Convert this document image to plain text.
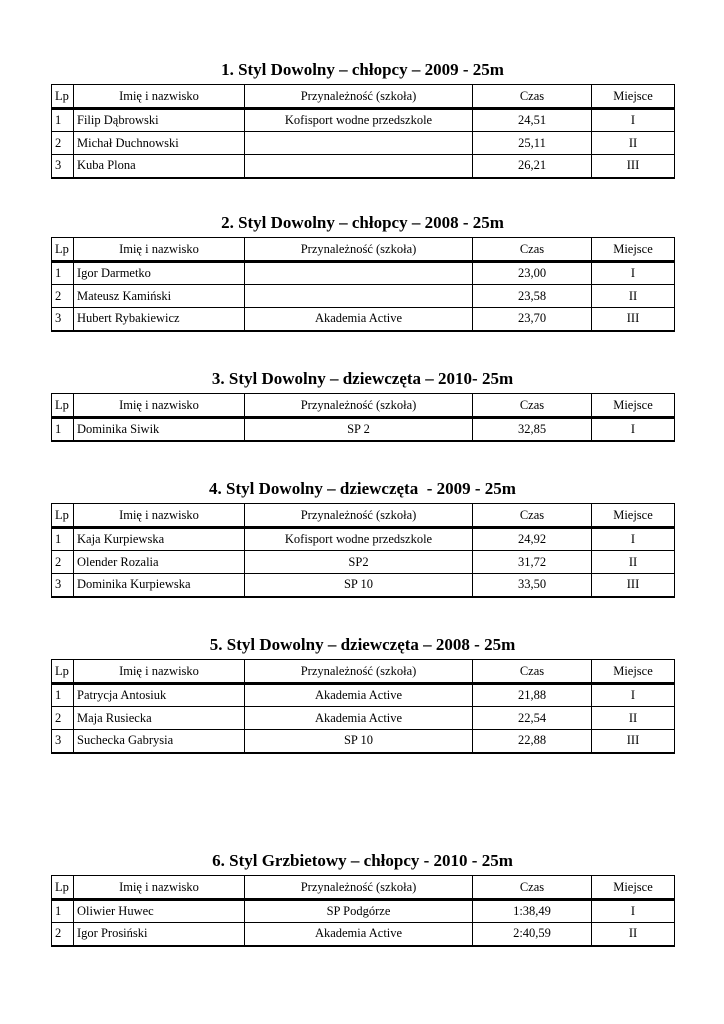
1. Styl Dowolny – chłopcy – 2009 - 25m
Lp	Imię i nazwisko	Przynależność (szkoła)	Czas	Miejsce
1	Filip Dąbrowski	Kofisport wodne przedszkole	24,51	I
2	Michał Duchnowski		25,11	II
3	Kuba Plona		26,21	III
2. Styl Dowolny – chłopcy – 2008 - 25m
Lp	Imię i nazwisko	Przynależność (szkoła)	Czas	Miejsce
1	Igor Darmetko		23,00	I
2	Mateusz Kamiński		23,58	II
3	Hubert Rybakiewicz	Akademia Active	23,70	III
3. Styl Dowolny – dziewczęta – 2010- 25m
Lp	Imię i nazwisko	Przynależność (szkoła)	Czas	Miejsce
1	Dominika Siwik	SP 2	32,85	I
4. Styl Dowolny – dziewczęta  - 2009 - 25m
Lp	Imię i nazwisko	Przynależność (szkoła)	Czas	Miejsce
1	Kaja Kurpiewska	Kofisport wodne przedszkole	24,92	I
2	Olender Rozalia	SP2	31,72	II
3	Dominika Kurpiewska	SP 10	33,50	III
5. Styl Dowolny – dziewczęta – 2008 - 25m
Lp	Imię i nazwisko	Przynależność (szkoła)	Czas	Miejsce
1	Patrycja Antosiuk	Akademia Active	21,88	I
2	Maja Rusiecka	Akademia Active	22,54	II
3	Suchecka Gabrysia	SP 10	22,88	III
6. Styl Grzbietowy – chłopcy - 2010 - 25m
Lp	Imię i nazwisko	Przynależność (szkoła)	Czas	Miejsce
1	Oliwier Huwec	SP Podgórze	1:38,49	I
2	Igor Prosiński	Akademia Active	2:40,59	II
